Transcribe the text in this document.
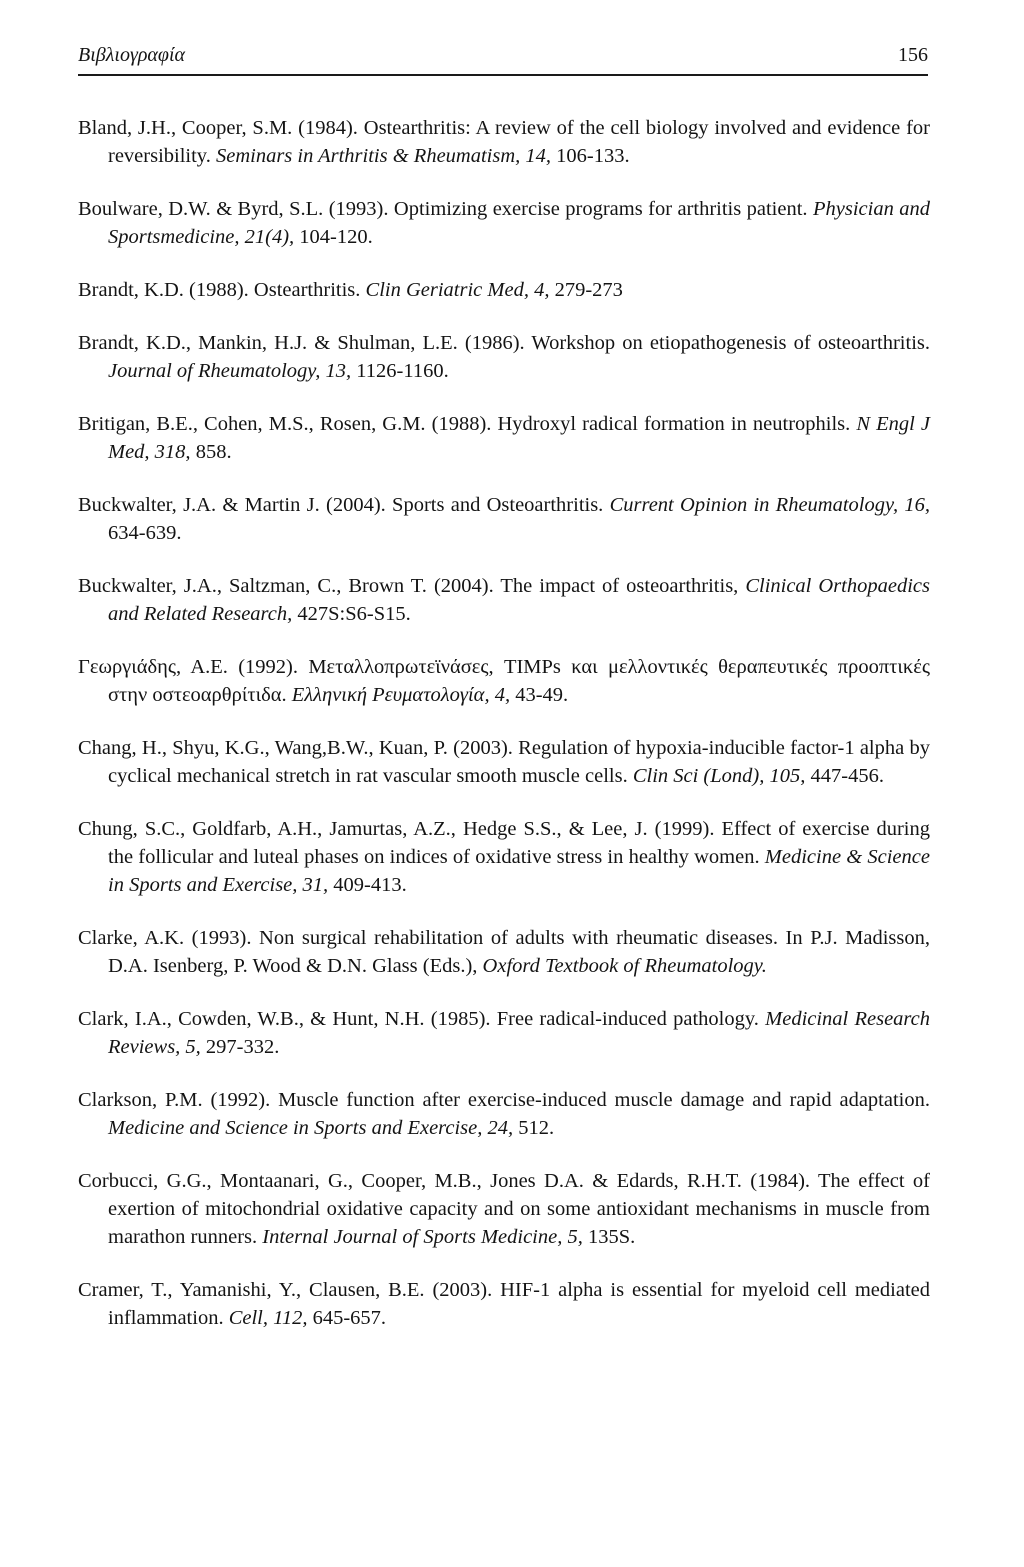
Βιβλιογραφία	156

Bland, J.H., Cooper, S.M. (1984). Ostearthritis: A review of the cell biology involved and evidence for reversibility. Seminars in Arthritis & Rheumatism, 14, 106-133.

Boulware, D.W. & Byrd, S.L. (1993). Optimizing exercise programs for arthritis patient. Physician and Sportsmedicine, 21(4), 104-120.

Brandt, K.D. (1988). Ostearthritis. Clin Geriatric Med, 4, 279-273

Brandt, K.D., Mankin, H.J. & Shulman, L.E. (1986). Workshop on etiopathogenesis of osteoarthritis. Journal of Rheumatology, 13, 1126-1160.

Britigan, B.E., Cohen, M.S., Rosen, G.M. (1988). Hydroxyl radical formation in neutrophils. N Engl J Med, 318, 858.

Buckwalter, J.A. & Martin J. (2004). Sports and Osteoarthritis. Current Opinion in Rheumatology, 16, 634-639.

Buckwalter, J.A., Saltzman, C., Brown T. (2004). The impact of osteoarthritis, Clinical Orthopaedics and Related Research, 427S:S6-S15.

Γεωργιάδης, Α.Ε. (1992). Μεταλλοπρωτεϊνάσες, TIMPs και μελλοντικές θεραπευτικές προοπτικές στην οστεοαρθρίτιδα. Ελληνική Ρευματολογία, 4, 43-49.

Chang, H., Shyu, K.G., Wang,B.W., Kuan, P. (2003). Regulation of hypoxia-inducible factor-1 alpha by cyclical mechanical stretch in rat vascular smooth muscle cells. Clin Sci (Lond), 105, 447-456.

Chung, S.C., Goldfarb, A.H., Jamurtas, A.Z., Hedge S.S., & Lee, J. (1999). Effect of exercise during the follicular and luteal phases on indices of oxidative stress in healthy women. Medicine & Science in Sports and Exercise, 31, 409-413.

Clarke, A.K. (1993). Non surgical rehabilitation of adults with rheumatic diseases. In P.J. Madisson, D.A. Isenberg, P. Wood & D.N. Glass (Eds.), Oxford Textbook of Rheumatology.

Clark, I.A., Cowden, W.B., & Hunt, N.H. (1985). Free radical-induced pathology. Medicinal Research Reviews, 5, 297-332.

Clarkson, P.M. (1992). Muscle function after exercise-induced muscle damage and rapid adaptation. Medicine and Science in Sports and Exercise, 24, 512.

Corbucci, G.G., Montaanari, G., Cooper, M.B., Jones D.A. & Edards, R.H.T. (1984). The effect of exertion of mitochondrial oxidative capacity and on some antioxidant mechanisms in muscle from marathon runners. Internal Journal of Sports Medicine, 5, 135S.

Cramer, T., Yamanishi, Y., Clausen, B.E. (2003). HIF-1 alpha is essential for myeloid cell mediated inflammation. Cell, 112, 645-657.
